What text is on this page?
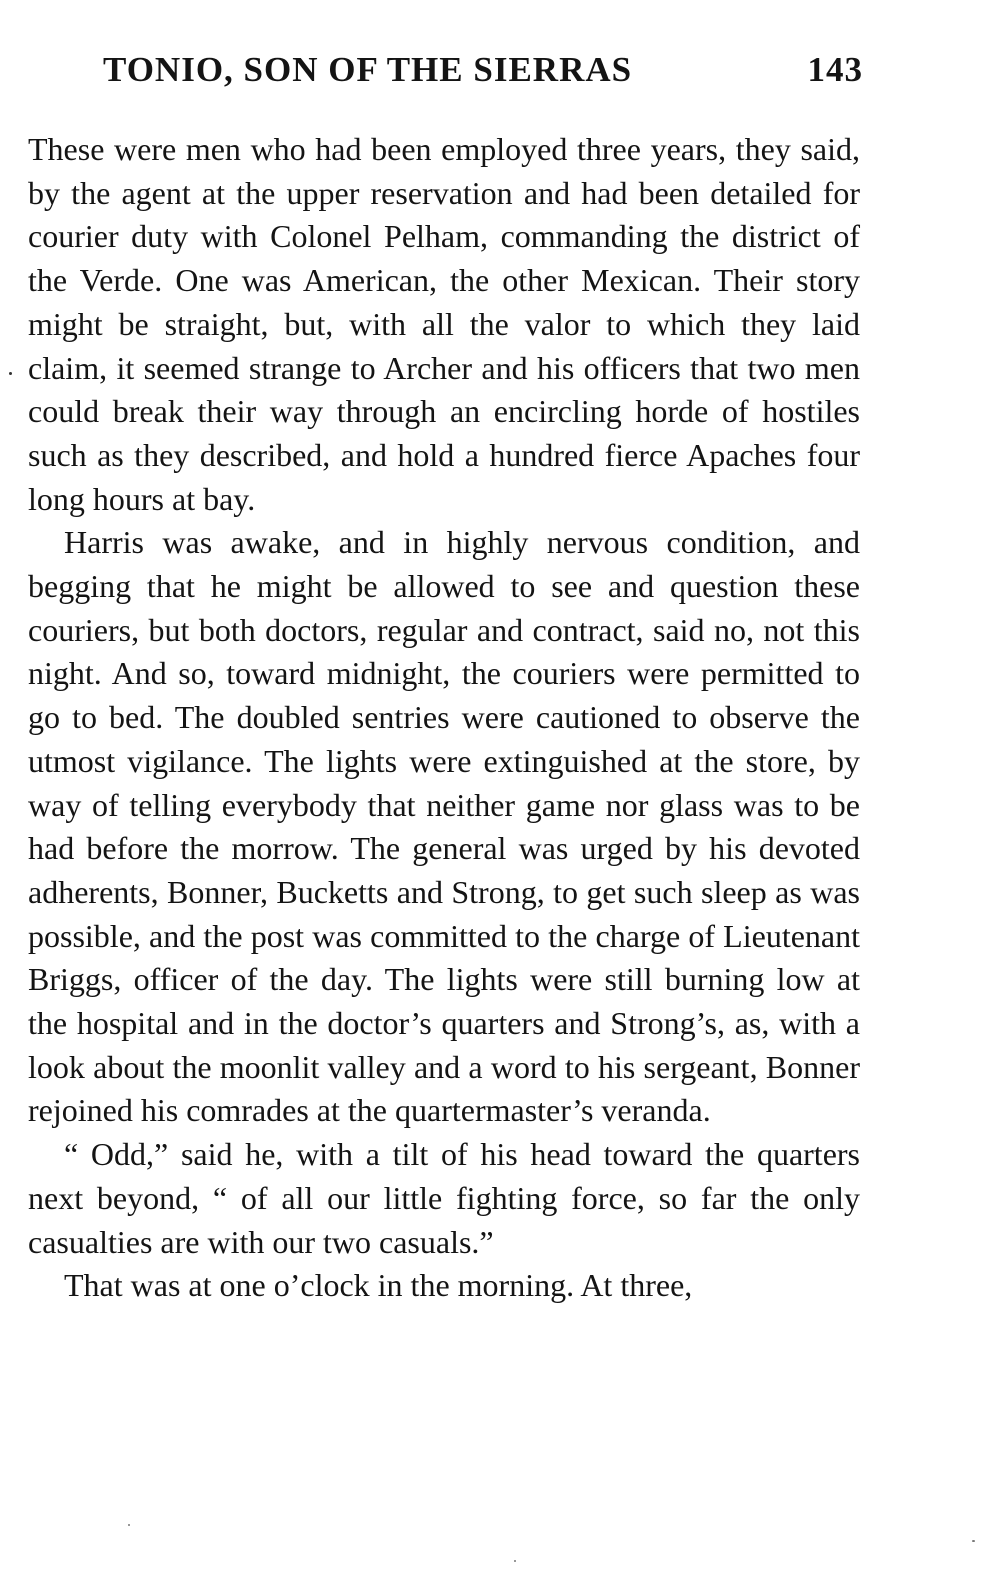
TONIO, SON OF THE SIERRAS	143

These were men who had been employed three years, they said, by the agent at the upper reservation and had been detailed for courier duty with Colonel Pelham, commanding the district of the Verde. One was American, the other Mexican. Their story might be straight, but, with all the valor to which they laid claim, it seemed strange to Archer and his officers that two men could break their way through an encircling horde of hostiles such as they described, and hold a hundred fierce Apaches four long hours at bay.

Harris was awake, and in highly nervous condition, and begging that he might be allowed to see and question these couriers, but both doctors, regular and contract, said no, not this night. And so, toward midnight, the couriers were permitted to go to bed. The doubled sentries were cautioned to observe the utmost vigilance. The lights were extinguished at the store, by way of telling everybody that neither game nor glass was to be had before the morrow. The general was urged by his devoted adherents, Bonner, Bucketts and Strong, to get such sleep as was possible, and the post was committed to the charge of Lieutenant Briggs, officer of the day. The lights were still burning low at the hospital and in the doctor’s quarters and Strong’s, as, with a look about the moonlit valley and a word to his sergeant, Bonner rejoined his comrades at the quartermaster’s veranda.

“ Odd,” said he, with a tilt of his head toward the quarters next beyond, “ of all our little fighting force, so far the only casualties are with our two casuals.”

That was at one o’clock in the morning. At three,
